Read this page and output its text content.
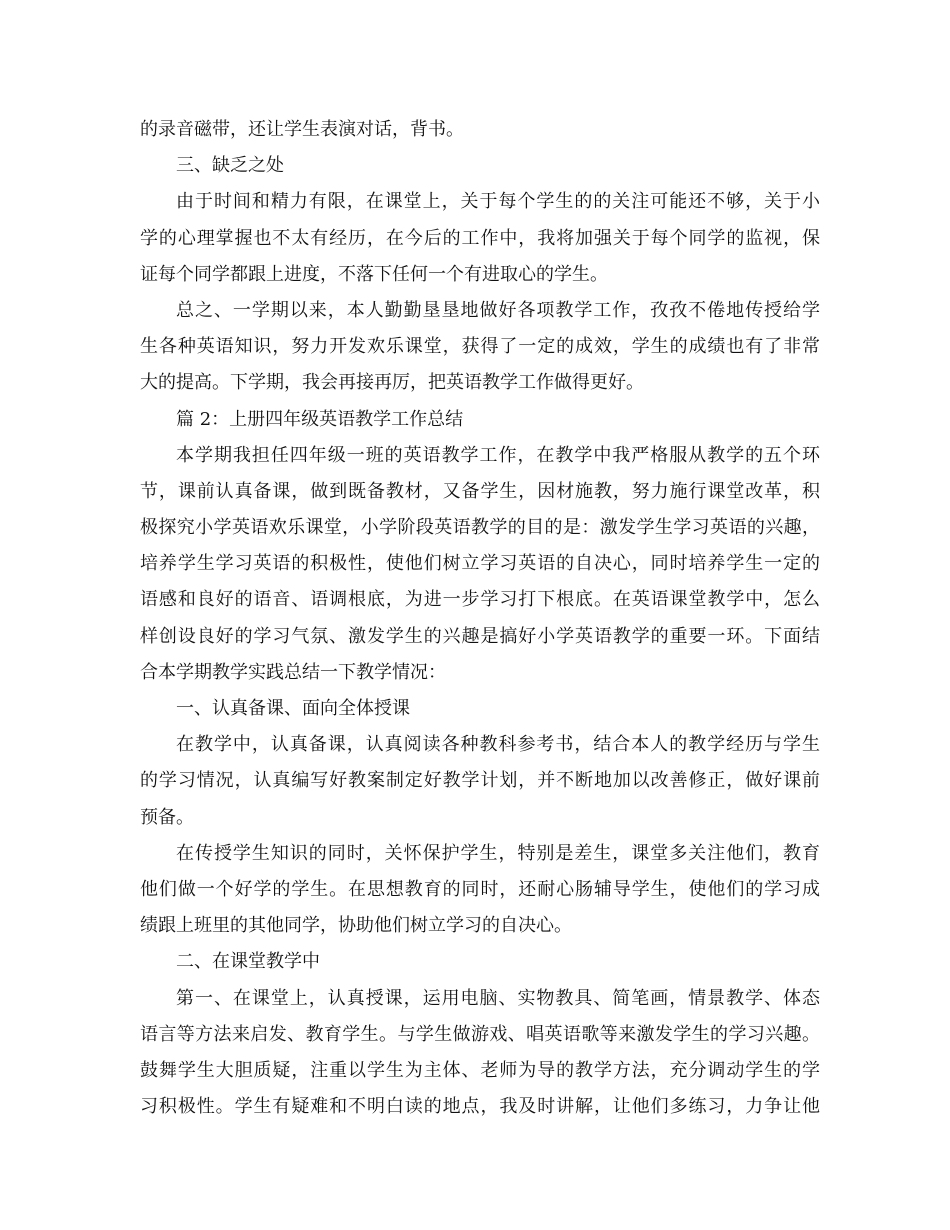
的录音磁带，还让学生表演对话，背书。
三、缺乏之处
由于时间和精力有限，在课堂上，关于每个学生的的关注可能还不够，关于小
学的心理掌握也不太有经历，在今后的工作中，我将加强关于每个同学的监视，保
证每个同学都跟上进度，不落下任何一个有进取心的学生。
总之、一学期以来，本人勤勤垦垦地做好各项教学工作，孜孜不倦地传授给学
生各种英语知识，努力开发欢乐课堂，获得了一定的成效，学生的成绩也有了非常
大的提高。下学期，我会再接再厉，把英语教学工作做得更好。
篇 2：上册四年级英语教学工作总结
本学期我担任四年级一班的英语教学工作，在教学中我严格服从教学的五个环
节，课前认真备课，做到既备教材，又备学生，因材施教，努力施行课堂改革，积
极探究小学英语欢乐课堂，小学阶段英语教学的目的是：激发学生学习英语的兴趣，
培养学生学习英语的积极性，使他们树立学习英语的自决心，同时培养学生一定的
语感和良好的语音、语调根底，为进一步学习打下根底。在英语课堂教学中，怎么
样创设良好的学习气氛、激发学生的兴趣是搞好小学英语教学的重要一环。下面结
合本学期教学实践总结一下教学情况：
一、认真备课、面向全体授课
在教学中，认真备课，认真阅读各种教科参考书，结合本人的教学经历与学生
的学习情况，认真编写好教案制定好教学计划，并不断地加以改善修正，做好课前
预备。
在传授学生知识的同时，关怀保护学生，特别是差生，课堂多关注他们，教育
他们做一个好学的学生。在思想教育的同时，还耐心肠辅导学生，使他们的学习成
绩跟上班里的其他同学，协助他们树立学习的自决心。
二、在课堂教学中
第一、在课堂上，认真授课，运用电脑、实物教具、简笔画，情景教学、体态
语言等方法来启发、教育学生。与学生做游戏、唱英语歌等来激发学生的学习兴趣。
鼓舞学生大胆质疑，注重以学生为主体、老师为导的教学方法，充分调动学生的学
习积极性。学生有疑难和不明白读的地点，我及时讲解，让他们多练习，力争让他
